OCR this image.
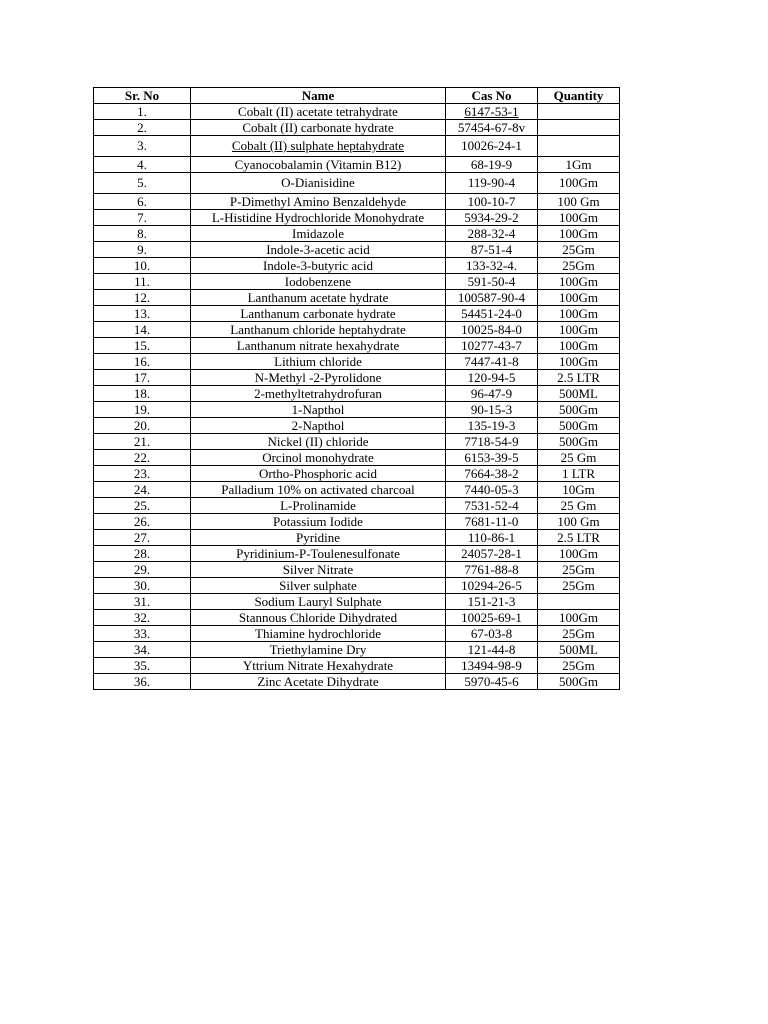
Sr. No	Name	Cas No	Quantity
1.	Cobalt (II) acetate tetrahydrate	6147-53-1	
2.	Cobalt (II) carbonate hydrate	57454-67-8v	
3.	Cobalt (II) sulphate heptahydrate	10026-24-1	
4.	Cyanocobalamin (Vitamin B12)	68-19-9	1Gm
5.	O-Dianisidine	119-90-4	100Gm
6.	P-Dimethyl Amino Benzaldehyde	100-10-7	100 Gm
7.	L-Histidine Hydrochloride Monohydrate	5934-29-2	100Gm
8.	Imidazole	288-32-4	100Gm
9.	Indole-3-acetic acid	87-51-4	25Gm
10.	Indole-3-butyric acid	133-32-4.	25Gm
11.	Iodobenzene	591-50-4	100Gm
12.	Lanthanum acetate hydrate	100587-90-4	100Gm
13.	Lanthanum carbonate hydrate	54451-24-0	100Gm
14.	Lanthanum chloride heptahydrate	10025-84-0	100Gm
15.	Lanthanum nitrate hexahydrate	10277-43-7	100Gm
16.	Lithium chloride	7447-41-8	100Gm
17.	N-Methyl -2-Pyrolidone	120-94-5	2.5 LTR
18.	2-methyltetrahydrofuran	96-47-9	500ML
19.	1-Napthol	90-15-3	500Gm
20.	2-Napthol	135-19-3	500Gm
21.	Nickel (II) chloride	7718-54-9	500Gm
22.	Orcinol monohydrate	6153-39-5	25 Gm
23.	Ortho-Phosphoric acid	7664-38-2	1 LTR
24.	Palladium 10% on activated charcoal	7440-05-3	10Gm
25.	L-Prolinamide	7531-52-4	25 Gm
26.	Potassium Iodide	7681-11-0	100 Gm
27.	Pyridine	110-86-1	2.5 LTR
28.	Pyridinium-P-Toulenesulfonate	24057-28-1	100Gm
29.	Silver Nitrate	7761-88-8	25Gm
30.	Silver sulphate	10294-26-5	25Gm
31.	Sodium Lauryl Sulphate	151-21-3	
32.	Stannous Chloride Dihydrated	10025-69-1	100Gm
33.	Thiamine hydrochloride	67-03-8	25Gm
34.	Triethylamine Dry	121-44-8	500ML
35.	Yttrium Nitrate Hexahydrate	13494-98-9	25Gm
36.	Zinc Acetate Dihydrate	5970-45-6	500Gm
